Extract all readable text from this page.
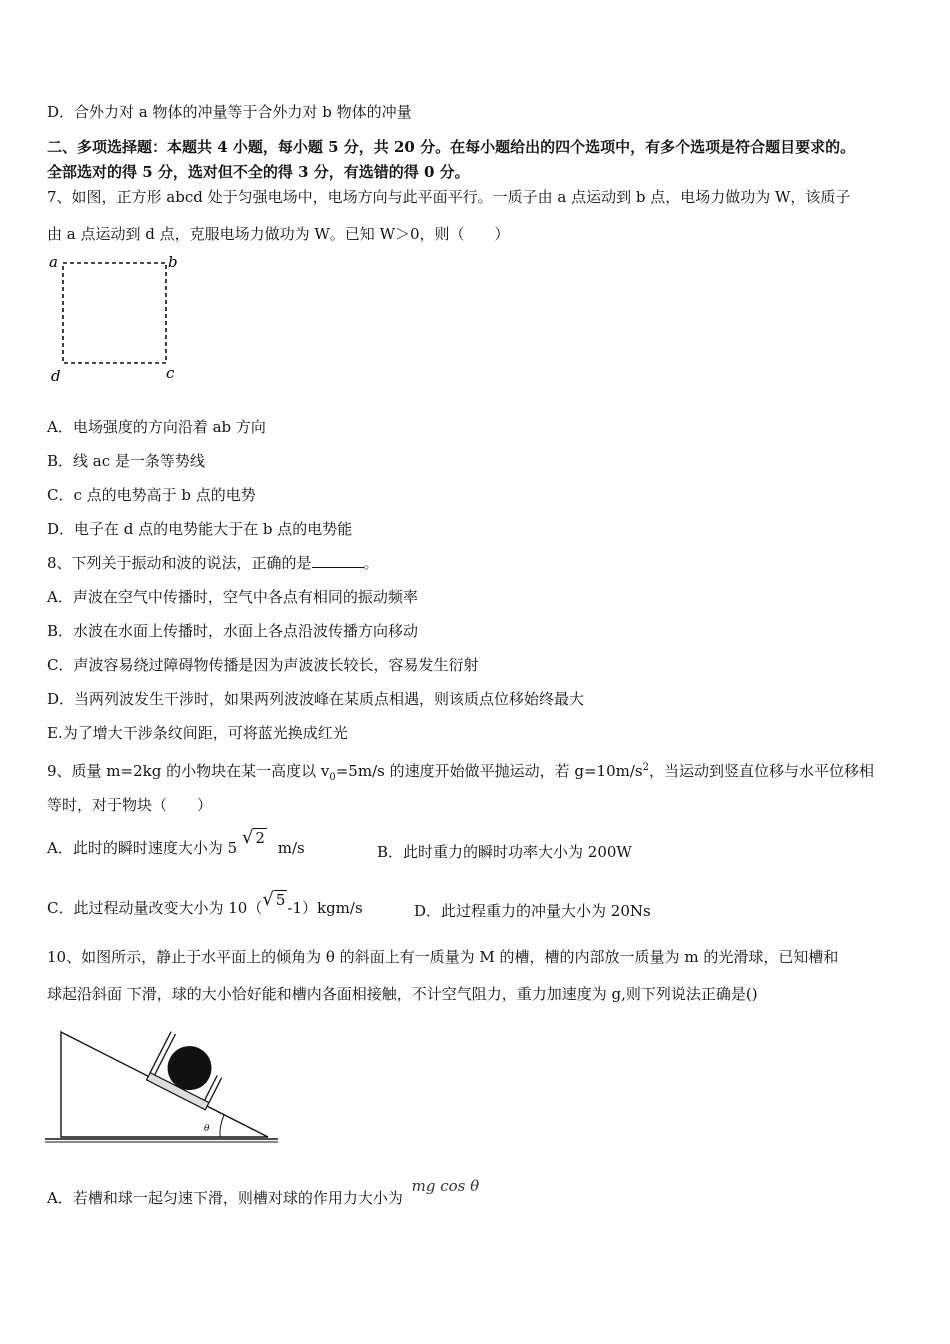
D．合外力对 a 物体的冲量等于合外力对 b 物体的冲量
二、多项选择题：本题共 4 小题，每小题 5 分，共 20 分。在每小题给出的四个选项中，有多个选项是符合题目要求的。
全部选对的得 5 分，选对但不全的得 3 分，有选错的得 0 分。
7、如图，正方形 abcd 处于匀强电场中，电场方向与此平面平行。一质子由 a 点运动到 b 点，电场力做功为 W，该质子
由 a 点运动到 d 点，克服电场力做功为 W。已知 W＞0，则（　　）
a	b
d	c
A．电场强度的方向沿着 ab 方向
B．线 ac 是一条等势线
C．c 点的电势高于 b 点的电势
D．电子在 d 点的电势能大于在 b 点的电势能
8、下列关于振动和波的说法，正确的是	。
A．声波在空气中传播时，空气中各点有相同的振动频率
B．水波在水面上传播时，水面上各点沿波传播方向移动
C．声波容易绕过障碍物传播是因为声波波长较长，容易发生衍射
D．当两列波发生干涉时，如果两列波波峰在某质点相遇，则该质点位移始终最大
E.为了增大干涉条纹间距，可将蓝光换成红光
9、质量 m=2kg 的小物块在某一高度以 $v_0=5m/s$ 的速度开始做平抛运动，若 $g=10m/s^2$，当运动到竖直位移与水平位移相
等时，对于物块（　　）
A．此时的瞬时速度大小为 5 √ 2 m/s	B．此时重力的瞬时功率大小为 200W
C．此过程动量改变大小为 10（√ 5 -1）kgm/s	D．此过程重力的冲量大小为 20Ns
10、如图所示，静止于水平面上的倾角为 θ 的斜面上有一质量为 M 的槽，槽的内部放一质量为 m 的光滑球，已知槽和
球起沿斜面 下滑，球的大小恰好能和槽内各面相接触，不计空气阻力，重力加速度为 g,则下列说法正确是()
θ
A．若槽和球一起匀速下滑，则槽对球的作用力大小为 mg cos θ
